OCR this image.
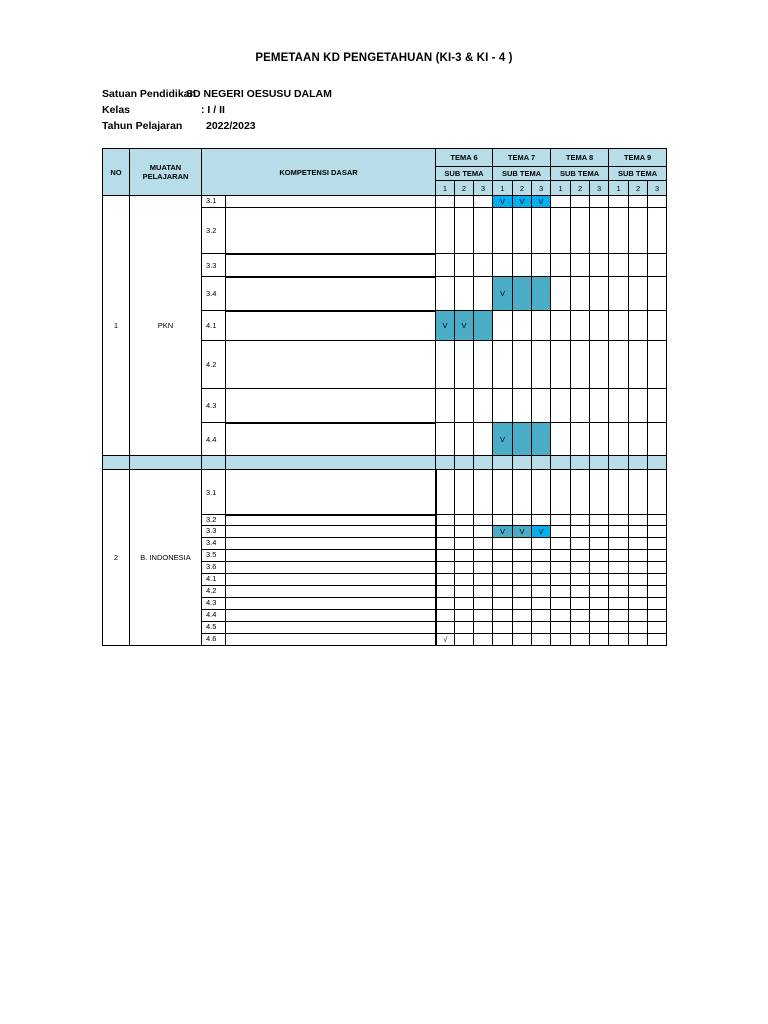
PEMETAAN KD PENGETAHUAN (KI-3 & KI - 4 )
Satuan Pendidikan
SD NEGERI OESUSU DALAM
Kelas	: I / II
Tahun Pelajaran 2022/2023
NO	MUATAN PELAJARAN	KOMPETENSI DASAR		TEMA 6			TEMA 7			TEMA 8			TEMA 9		
				SUB TEMA			SUB TEMA			SUB TEMA			SUB TEMA		
				1	2	3	1	2	3	1	2	3	1	2	3
1	PKN	3.1					V	V	V						
		3.2													
		3.3													
		3.4					V								
		4.1		V	V										
		4.2													
		4.3													
		4.4					V								

2	B. INDONESIA	3.1													
		3.2													
		3.3					V	V	V						
		3.4													
		3.5													
		3.6													
		4.1													
		4.2													
		4.3													
		4.4													
		4.5													
		4.6		√											
